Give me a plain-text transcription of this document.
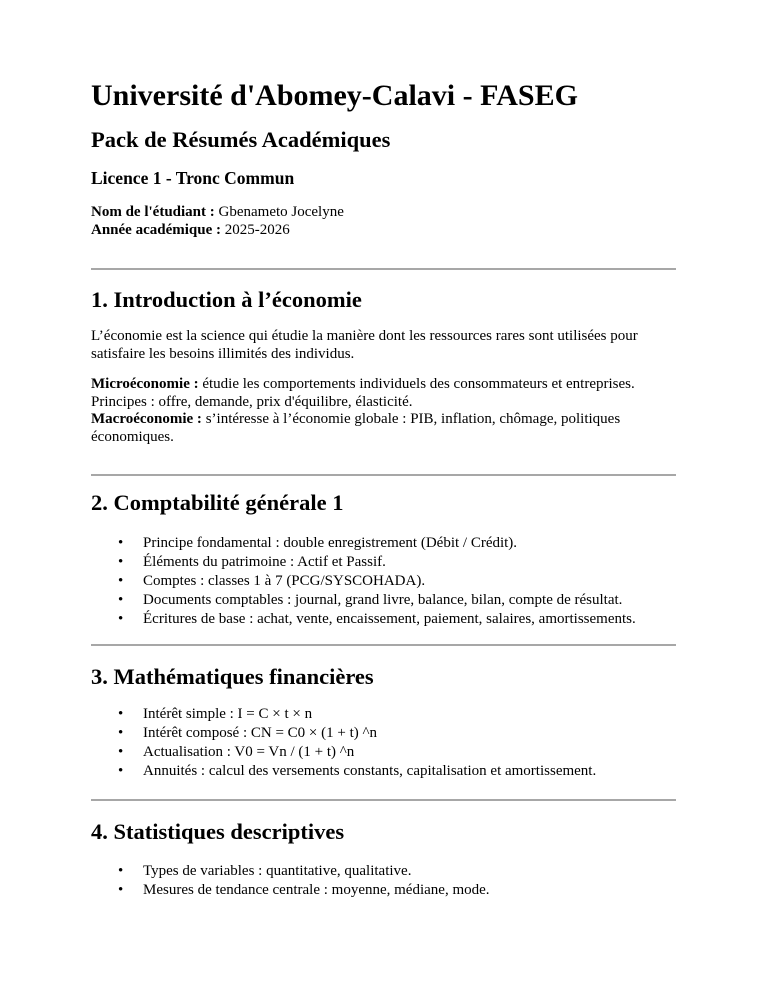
Université d'Abomey-Calavi - FASEG
Pack de Résumés Académiques
Licence 1 - Tronc Commun

Nom de l'étudiant : Gbenameto Jocelyne
Année académique : 2025-2026

1. Introduction à l’économie

L’économie est la science qui étudie la manière dont les ressources rares sont utilisées pour satisfaire les besoins illimités des individus.

Microéconomie : étudie les comportements individuels des consommateurs et entreprises.
Principes : offre, demande, prix d'équilibre, élasticité.
Macroéconomie : s’intéresse à l’économie globale : PIB, inflation, chômage, politiques économiques.

2. Comptabilité générale 1
• Principe fondamental : double enregistrement (Débit / Crédit).
• Éléments du patrimoine : Actif et Passif.
• Comptes : classes 1 à 7 (PCG/SYSCOHADA).
• Documents comptables : journal, grand livre, balance, bilan, compte de résultat.
• Écritures de base : achat, vente, encaissement, paiement, salaires, amortissements.
3. Mathématiques financières
• Intérêt simple : I = C × t × n
• Intérêt composé : CN = C0 × (1 + t) ^n
• Actualisation : V0 = Vn / (1 + t) ^n
• Annuités : calcul des versements constants, capitalisation et amortissement.
4. Statistiques descriptives
• Types de variables : quantitative, qualitative.
• Mesures de tendance centrale : moyenne, médiane, mode.
